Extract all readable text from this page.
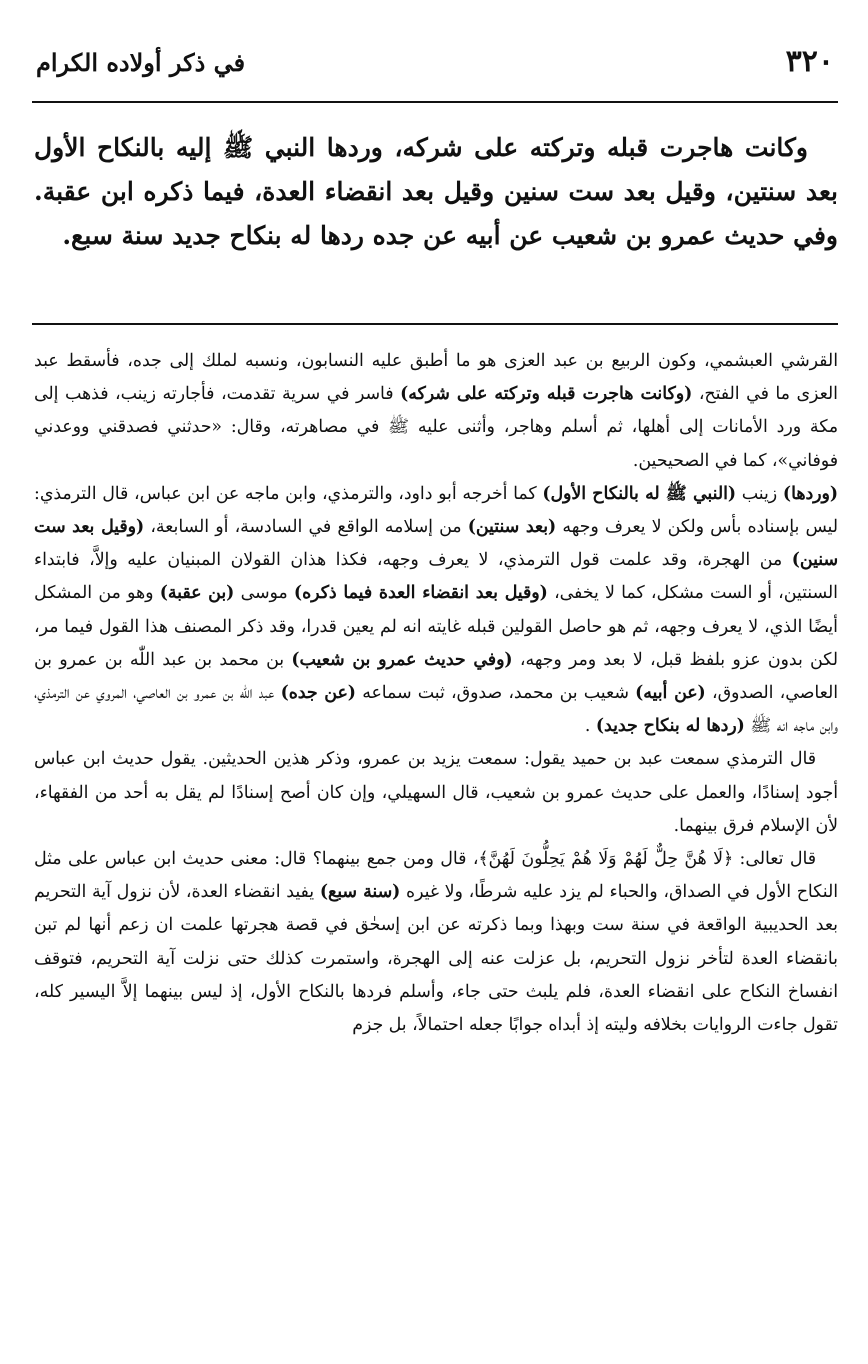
٣٢٠
في ذكر أولاده الكرام

وكانت هاجرت قبله وتركته على شركه، وردها النبي ﷺ إليه بالنكاح الأول بعد سنتين، وقيل بعد ست سنين وقيل بعد انقضاء العدة، فيما ذكره ابن عقبة. وفي حديث عمرو بن شعيب عن أبيه عن جده ردها له بنكاح جديد سنة سبع.

القرشي العبشمي، وكون الربيع بن عبد العزى هو ما أطبق عليه النسابون، ونسبه لملك إلى جده، فأسقط عبد العزى ما في الفتح، (وكانت هاجرت قبله وتركته على شركه) فاسر في سرية تقدمت، فأجارته زينب، فذهب إلى مكة ورد الأمانات إلى أهلها، ثم أسلم وهاجر، وأثنى عليه ﷺ في مصاهرته، وقال: «حدثني فصدقني ووعدني فوفاني»، كما في الصحيحين.

(وردها) زينب (النبي ﷺ له بالنكاح الأول) كما أخرجه أبو داود، والترمذي، وابن ماجه عن ابن عباس، قال الترمذي: ليس بإسناده بأس ولكن لا يعرف وجهه (بعد سنتين) من إسلامه الواقع في السادسة، أو السابعة، (وقيل بعد ست سنين) من الهجرة، وقد علمت قول الترمذي، لا يعرف وجهه، فكذا هذان القولان المبنيان عليه وإلاَّ، فابتداء السنتين، أو الست مشكل، كما لا يخفى، (وقيل بعد انقضاء العدة فيما ذكره) موسى (بن عقبة) وهو من المشكل أيضًا الذي، لا يعرف وجهه، ثم هو حاصل القولين قبله غايته انه لم يعين قدرا، وقد ذكر المصنف هذا القول فيما مر، لكن بدون عزو بلفظ قبل، لا بعد ومر وجهه، (وفي حديث عمرو بن شعيب) بن محمد بن عبد اللّٰه بن عمرو بن العاصي، الصدوق، (عن أبيه) شعيب بن محمد، صدوق، ثبت سماعه (عن جده) عبد اللّٰه بن عمرو بن العاصي، المروي عن الترمذي، وابن ماجه انه ﷺ (ردها له بنكاح جديد) .

قال الترمذي سمعت عبد بن حميد يقول: سمعت يزيد بن عمرو، وذكر هذين الحديثين. يقول حديث ابن عباس أجود إسنادًا، والعمل على حديث عمرو بن شعيب، قال السهيلي، وإن كان أصح إسنادًا لم يقل به أحد من الفقهاء، لأن الإسلام فرق بينهما.

قال تعالى: ﴿لَا هُنَّ حِلٌّ لَهُمْ وَلَا هُمْ يَحِلُّونَ لَهُنَّ﴾، قال ومن جمع بينهما؟ قال: معنى حديث ابن عباس على مثل النكاح الأول في الصداق، والحباء لم يزد عليه شرطًا، ولا غيره (سنة سبع) يفيد انقضاء العدة، لأن نزول آية التحريم بعد الحديبية الواقعة في سنة ست وبهذا وبما ذكرته عن ابن إسحٰق في قصة هجرتها علمت ان زعم أنها لم تبن بانقضاء العدة لتأخر نزول التحريم، بل عزلت عنه إلى الهجرة، واستمرت كذلك حتى نزلت آية التحريم، فتوقف انفساخ النكاح على انقضاء العدة، فلم يلبث حتى جاء، وأسلم فردها بالنكاح الأول، إذ ليس بينهما إلاَّ اليسير كله، تقول جاءت الروايات بخلافه وليته إذ أبداه جوابًا جعله احتمالاً، بل جزم
